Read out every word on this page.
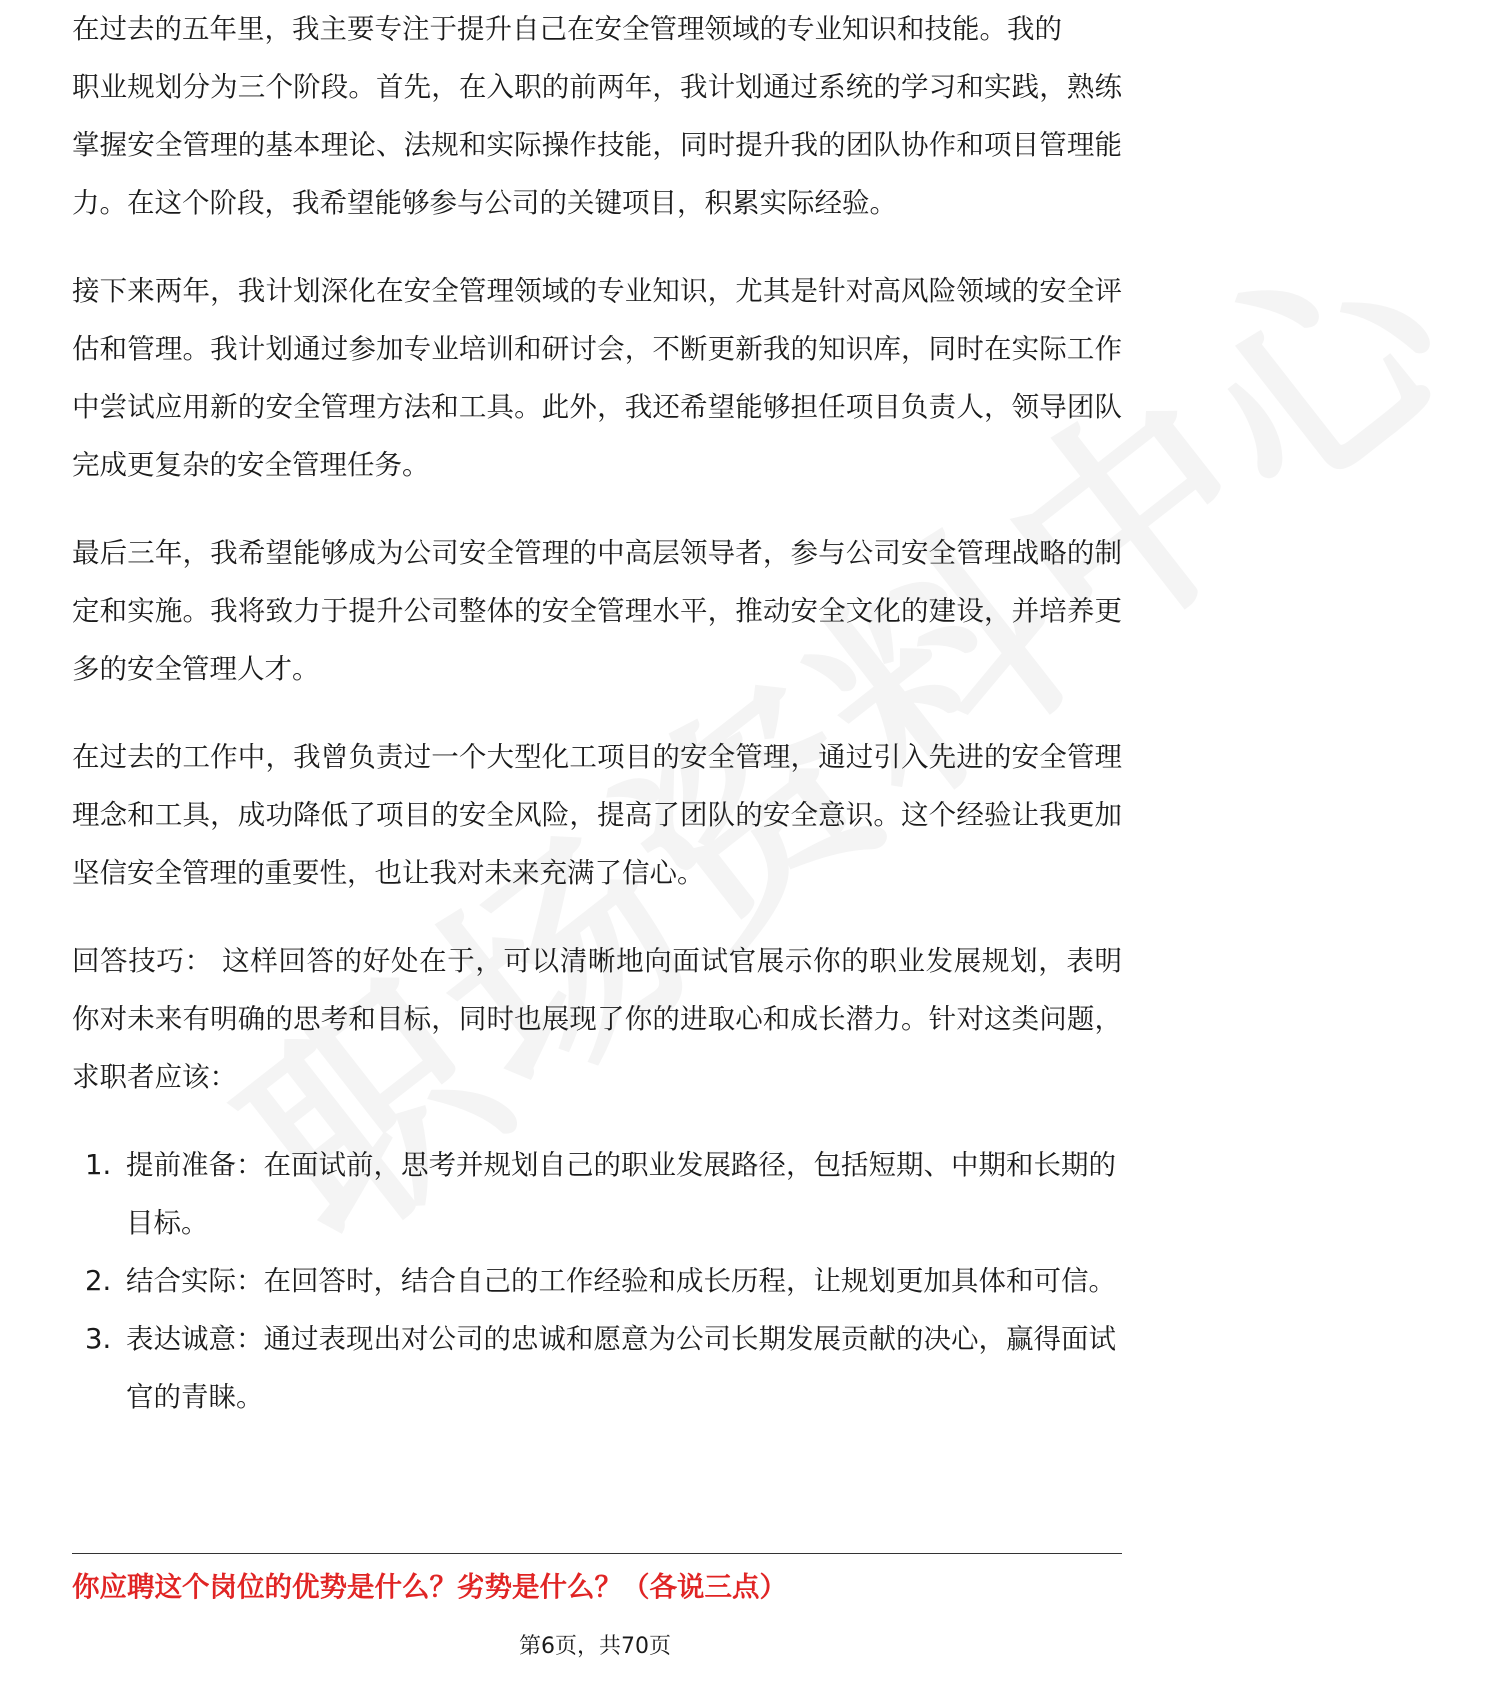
在过去的五年里，我主要专注于提升自己在安全管理领域的专业知识和技能。我的

职业规划分为三个阶段。首先，在入职的前两年，我计划通过系统的学习和实践，熟练掌握安全管理的基本理论、法规和实际操作技能，同时提升我的团队协作和项目管理能力。在这个阶段，我希望能够参与公司的关键项目，积累实际经验。

接下来两年，我计划深化在安全管理领域的专业知识，尤其是针对高风险领域的安全评估和管理。我计划通过参加专业培训和研讨会，不断更新我的知识库，同时在实际工作中尝试应用新的安全管理方法和工具。此外，我还希望能够担任项目负责人，领导团队完成更复杂的安全管理任务。

最后三年，我希望能够成为公司安全管理的中高层领导者，参与公司安全管理战略的制定和实施。我将致力于提升公司整体的安全管理水平，推动安全文化的建设，并培养更多的安全管理人才。

在过去的工作中，我曾负责过一个大型化工项目的安全管理，通过引入先进的安全管理理念和工具，成功降低了项目的安全风险，提高了团队的安全意识。这个经验让我更加坚信安全管理的重要性，也让我对未来充满了信心。

回答技巧： 这样回答的好处在于，可以清晰地向面试官展示你的职业发展规划，表明你对未来有明确的思考和目标，同时也展现了你的进取心和成长潜力。针对这类问题，求职者应该：

1. 提前准备：在面试前，思考并规划自己的职业发展路径，包括短期、中期和长期的目标。
2. 结合实际：在回答时，结合自己的工作经验和成长历程，让规划更加具体和可信。
3. 表达诚意：通过表现出对公司的忠诚和愿意为公司长期发展贡献的决心，赢得面试官的青睐。
你应聘这个岗位的优势是什么？劣势是什么？（各说三点）
第6页，共70页
